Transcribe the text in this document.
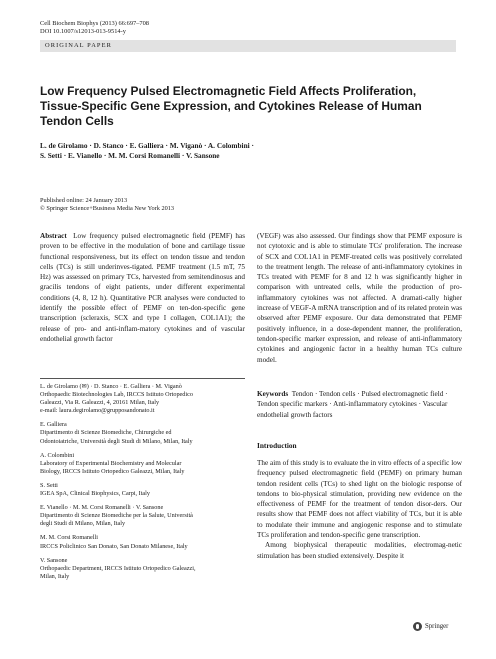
Cell Biochem Biophys (2013) 66:697–708
DOI 10.1007/s12013-013-9514-y
ORIGINAL PAPER
Low Frequency Pulsed Electromagnetic Field Affects Proliferation, Tissue-Specific Gene Expression, and Cytokines Release of Human Tendon Cells
L. de Girolamo · D. Stanco · E. Galliera · M. Viganò · A. Colombini ·
S. Setti · E. Vianello · M. M. Corsi Romanelli · V. Sansone
Published online: 24 January 2013
© Springer Science+Business Media New York 2013

Abstract Low frequency pulsed electromagnetic field (PEMF) has proven to be effective in the modulation of bone and cartilage tissue functional responsiveness, but its effect on tendon tissue and tendon cells (TCs) is still underinves-tigated. PEMF treatment (1.5 mT, 75 Hz) was assessed on primary TCs, harvested from semitendinosus and gracilis tendons of eight patients, under different experimental conditions (4, 8, 12 h). Quantitative PCR analyses were conducted to identify the possible effect of PEMF on ten-don-specific gene transcription (scleraxis, SCX and type I collagen, COL1A1); the release of pro- and anti-inflam-matory cytokines and of vascular endothelial growth factor

(VEGF) was also assessed. Our findings show that PEMF exposure is not cytotoxic and is able to stimulate TCs' proliferation. The increase of SCX and COL1A1 in PEMF-treated cells was positively correlated to the treatment length. The release of anti-inflammatory cytokines in TCs treated with PEMF for 8 and 12 h was significantly higher in comparison with untreated cells, while the production of pro-inflammatory cytokines was not affected. A dramati-cally higher increase of VEGF-A mRNA transcription and of its related protein was observed after PEMF exposure. Our data demonstrated that PEMF positively influence, in a dose-dependent manner, the proliferation, tendon-specific marker expression, and release of anti-inflammatory cytokines and angiogenic factor in a healthy human TCs culture model.

L. de Girolamo (✉) · D. Stanco · E. Galliera · M. Viganò
Orthopaedic Biotechnologies Lab, IRCCS Istituto Ortopedico
Galeazzi, Via R. Galeazzi, 4, 20161 Milan, Italy
e-mail: laura.degirolamo@grupposandonato.it
E. Galliera
Dipartimento di Scienze Biomediche, Chirurgiche ed
Odontoiatriche, Università degli Studi di Milano, Milan, Italy
A. Colombini
Laboratory of Experimental Biochemistry and Molecular
Biology, IRCCS Istituto Ortopedico Galeazzi, Milan, Italy
S. Setti
IGEA SpA, Clinical Biophysics, Carpi, Italy
E. Vianello · M. M. Corsi Romanelli · V. Sansone
Dipartimento di Scienze Biomediche per la Salute, Università
degli Studi di Milano, Milan, Italy
M. M. Corsi Romanelli
IRCCS Policlinico San Donato, San Donato Milanese, Italy
V. Sansone
Orthopaedic Department, IRCCS Istituto Ortopedico Galeazzi,
Milan, Italy
Keywords Tendon · Tendon cells · Pulsed electromagnetic field · Tendon specific markers · Anti-inflammatory cytokines · Vascular endothelial growth factors
Introduction

The aim of this study is to evaluate the in vitro effects of a specific low frequency pulsed electromagnetic field (PEMF) on primary human tendon resident cells (TCs) to shed light on the biologic response of tendons to bio-physical stimulation, providing new evidence on the effectiveness of PEMF for the treatment of tendon disor-ders. Our results show that PEMF does not affect viability of TCs, but it is able to modulate their immune and angiogenic response and to stimulate TCs proliferation and tendon-specific gene transcription.

Among biophysical therapeutic modalities, electromag-netic stimulation has been studied extensively. Despite it

Springer
